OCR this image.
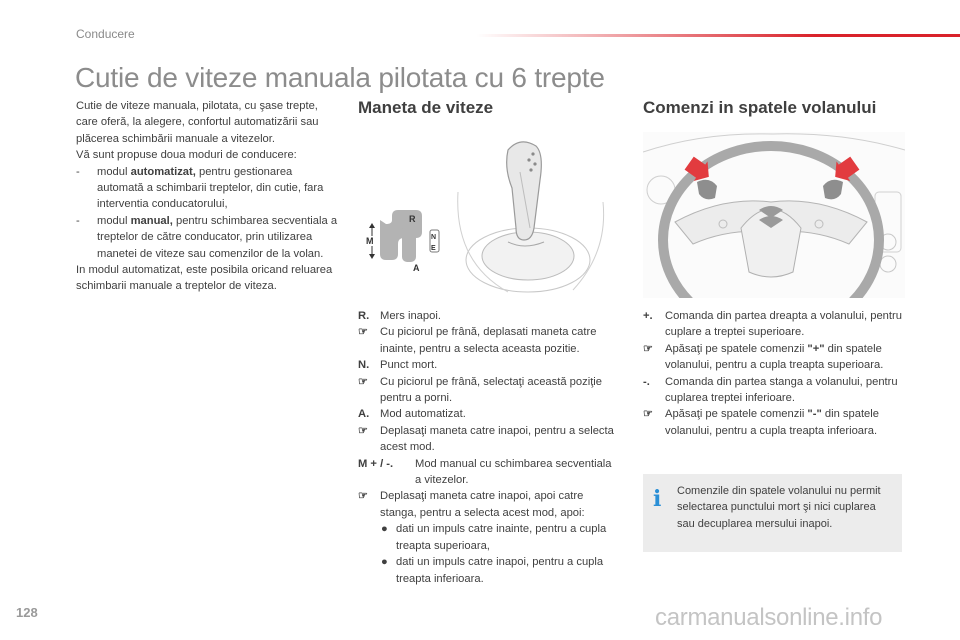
Conducere
Cutie de viteze manuala pilotata cu 6 trepte

Cutie de viteze manuala, pilotata, cu şase trepte, care oferă, la alegere, confortul automatizării sau plăcerea schimbării manuale a vitezelor.

Vă sunt propuse doua moduri de conducere:

- modul automatizat, pentru gestionarea automată a schimbarii treptelor, din cutie, fara interventia conducatorului,

- modul manual, pentru schimbarea secventiala a treptelor de către conducator, prin utilizarea manetei de viteze sau comenzilor de la volan.

In modul automatizat, este posibila oricand reluarea schimbarii manuale a treptelor de viteza.

Maneta de viteze
M
R
A
N
E
R. Mers inapoi.
☞	Cu piciorul pe frână, deplasati maneta catre inainte, pentru a selecta aceasta pozitie.
N. Punct mort.
☞	Cu piciorul pe frână, selectaţi această poziţie pentru a porni.
A. Mod automatizat.
☞	Deplasaţi maneta catre inapoi, pentru a selecta acest mod.
M + / -.	Mod manual cu schimbarea secventiala a vitezelor.
☞	Deplasaţi maneta catre inapoi, apoi catre stanga, pentru a selecta acest mod, apoi:
● dati un impuls catre inainte, pentru a cupla treapta superioara,
● dati un impuls catre inapoi, pentru a cupla treapta inferioara.
Comenzi in spatele volanului
+.	Comanda din partea dreapta a volanului, pentru cuplare a treptei superioare.
☞	Apăsaţi pe spatele comenzii "+" din spatele volanului, pentru a cupla treapta superioara.
-.	Comanda din partea stanga a volanului, pentru cuplarea treptei inferioare.
☞	Apăsaţi pe spatele comenzii "-" din spatele volanului, pentru a cupla treapta inferioara.
i Comenzile din spatele volanului nu permit selectarea punctului mort şi nici cuplarea sau decuplarea mersului inapoi.
128	carmanualsonline.info
